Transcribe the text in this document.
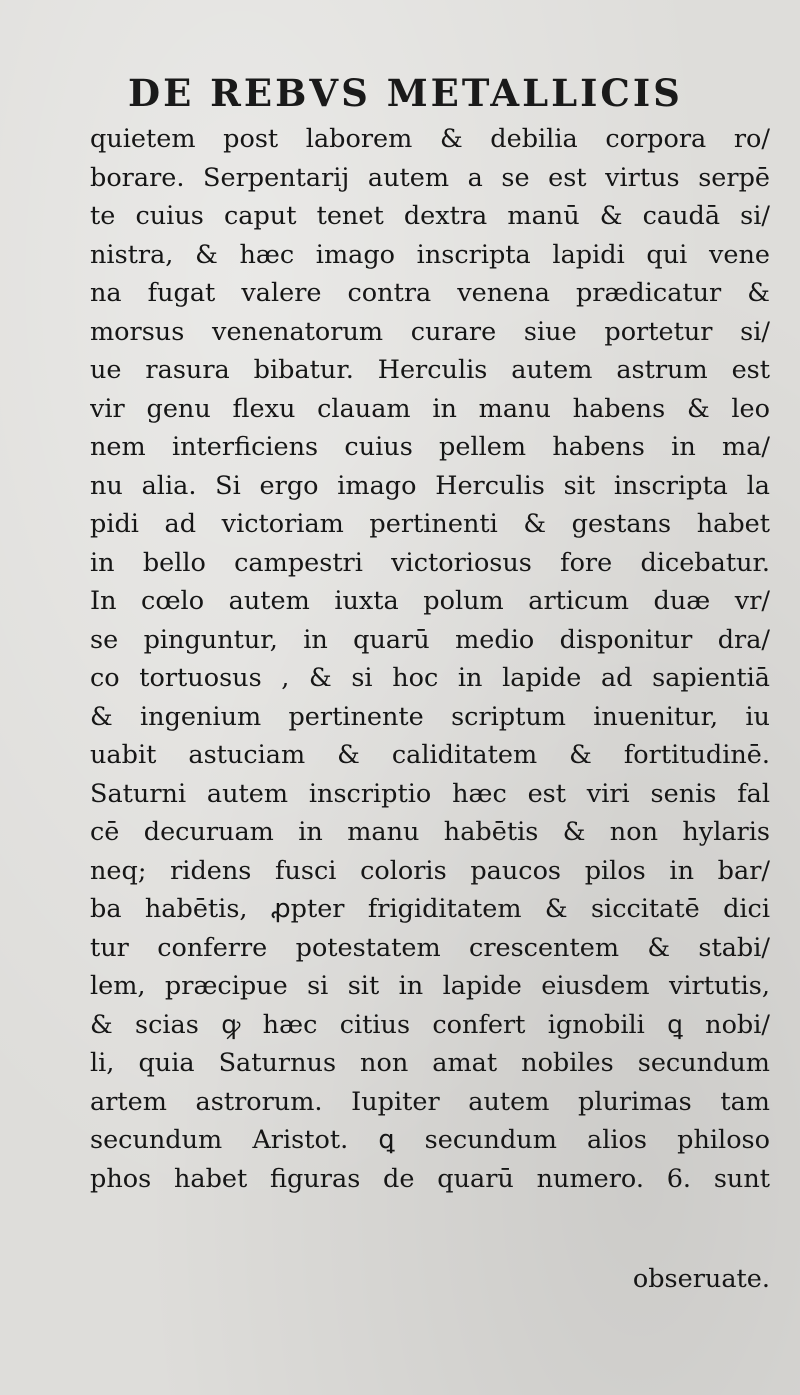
DE REBVS METALLICIS
quietem post laborem & debilia corpora ro/
borare. Serpentarij autem a se est virtus serpē
te cuius caput tenet dextra manū & caudā si/
nistra, & hæc imago inscripta lapidi qui vene
na fugat valere contra venena prædicatur &
morsus venenatorum curare siue portetur si/
ue rasura bibatur. Herculis autem astrum est
vir genu flexu clauam in manu habens & leo
nem interficiens cuius pellem habens in ma/
nu alia. Si ergo imago Herculis sit inscripta la
pidi ad victoriam pertinenti & gestans habet
in bello campestri victoriosus fore dicebatur.
In cœlo autem iuxta polum articum duæ vr/
se pinguntur, in quarū medio disponitur dra/
co tortuosus , & si hoc in lapide ad sapientiā
& ingenium pertinente scriptum inuenitur, iu
uabit astuciam & caliditatem & fortitudinē.
Saturni autem inscriptio hæc est viri senis fal
cē decuruam in manu habētis & non hylaris
neq; ridens fusci coloris paucos pilos in bar/
ba habētis, ꝓpter frigiditatem & siccitatē dici
tur conferre potestatem crescentem & stabi/
lem, præcipue si sit in lapide eiusdem virtutis,
& scias ꝙ hæc citius confert ignobili ꝗ nobi/
li, quia Saturnus non amat nobiles secundum
artem astrorum. Iupiter autem plurimas tam
secundum Aristot. ꝗ secundum alios philoso
phos habet figuras de quarū numero. 6. sunt
obseruate.
